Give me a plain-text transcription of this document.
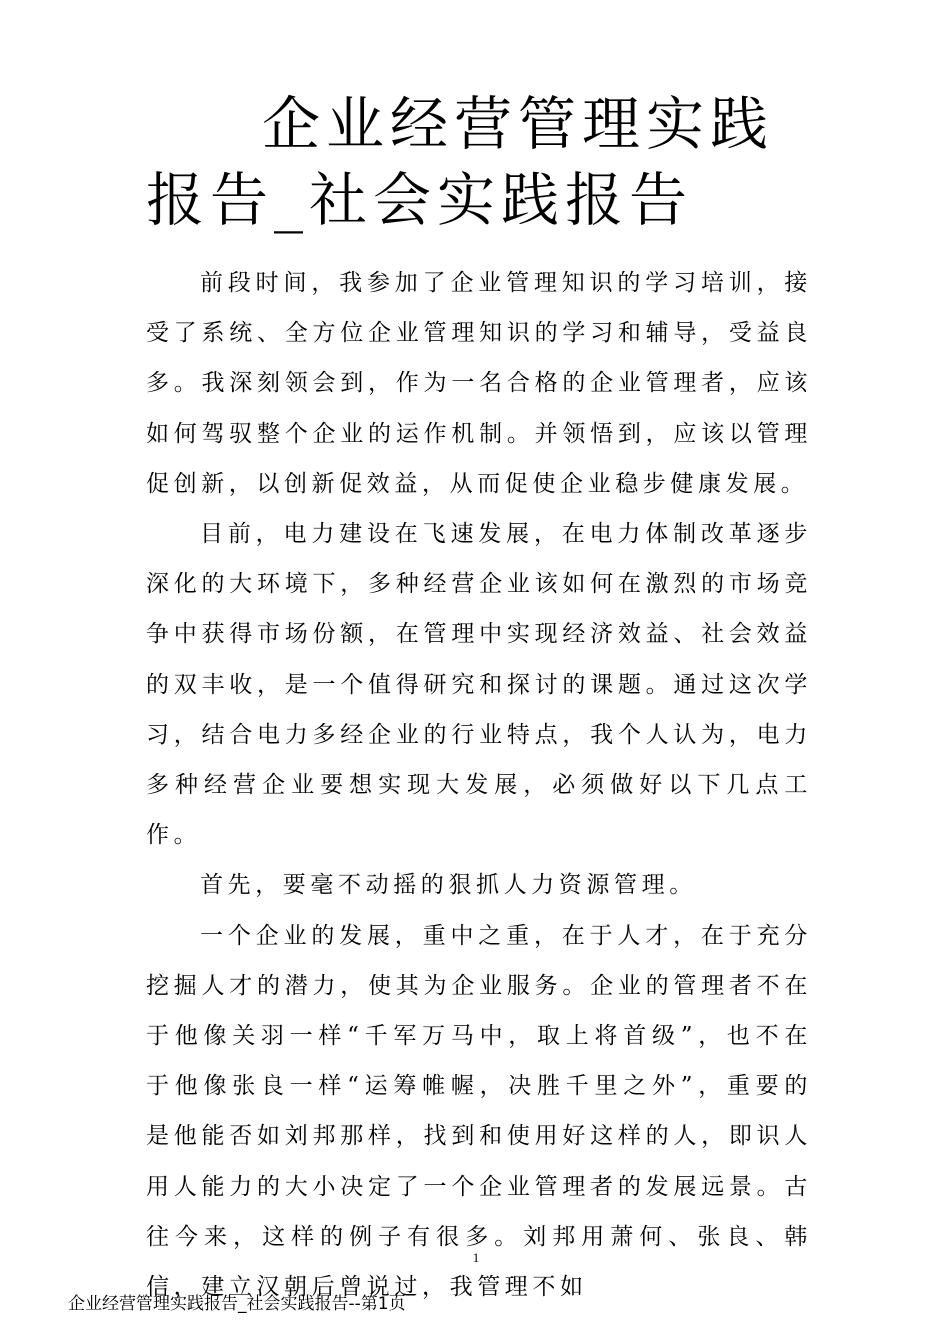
企业经营管理实践报告_社会实践报告

前段时间，我参加了企业管理知识的学习培训，接受了系统、全方位企业管理知识的学习和辅导，受益良多。我深刻领会到，作为一名合格的企业管理者，应该如何驾驭整个企业的运作机制。并领悟到，应该以管理促创新，以创新促效益，从而促使企业稳步健康发展。

目前，电力建设在飞速发展，在电力体制改革逐步深化的大环境下，多种经营企业该如何在激烈的市场竞争中获得市场份额，在管理中实现经济效益、社会效益的双丰收，是一个值得研究和探讨的课题。通过这次学习，结合电力多经企业的行业特点，我个人认为，电力多种经营企业要想实现大发展，必须做好以下几点工作。

首先，要毫不动摇的狠抓人力资源管理。

一个企业的发展，重中之重，在于人才，在于充分挖掘人才的潜力，使其为企业服务。企业的管理者不在于他像关羽一样“千军万马中，取上将首级”，也不在于他像张良一样“运筹帷幄，决胜千里之外”，重要的是他能否如刘邦那样，找到和使用好这样的人，即识人用人能力的大小决定了一个企业管理者的发展远景。古往今来，这样的例子有很多。刘邦用萧何、张良、韩信，建立汉朝后曾说过，我管理不如

1
企业经营管理实践报告_社会实践报告--第1页
